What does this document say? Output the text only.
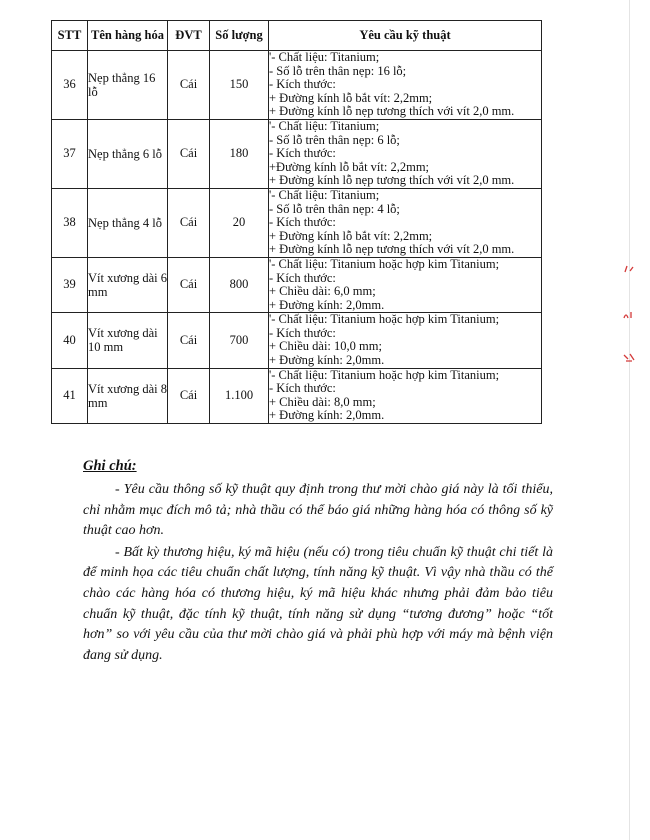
STT	Tên hàng hóa	ĐVT	Số lượng	Yêu cầu kỹ thuật
36	Nẹp thẳng 16 lỗ	Cái	150	'- Chất liệu: Titanium;
- Số lỗ trên thân nẹp: 16 lỗ;
- Kích thước:
+ Đường kính lỗ bắt vít: 2,2mm;
+ Đường kính lỗ nẹp tương thích với vít 2,0 mm.

37	Nẹp thẳng 6 lỗ	Cái	180	'- Chất liệu: Titanium;
- Số lỗ trên thân nẹp: 6 lỗ;
- Kích thước:
+Đường kính lỗ bắt vít: 2,2mm;
+ Đường kính lỗ nẹp tương thích với vít 2,0 mm.

38	Nẹp thẳng 4 lỗ	Cái	20	'- Chất liệu: Titanium;
- Số lỗ trên thân nẹp: 4 lỗ;
- Kích thước:
+ Đường kính lỗ bắt vít: 2,2mm;
+ Đường kính lỗ nẹp tương thích với vít 2,0 mm.

39	Vít xương dài 6 mm	Cái	800	'- Chất liệu: Titanium hoặc hợp kim Titanium;
- Kích thước:
+ Chiều dài: 6,0 mm;
+ Đường kính: 2,0mm.

40	Vít xương dài 10 mm	Cái	700	'- Chất liệu: Titanium hoặc hợp kim Titanium;
- Kích thước:
+ Chiều dài: 10,0 mm;
+ Đường kính: 2,0mm.

41	Vít xương dài 8 mm	Cái	1.100	'- Chất liệu: Titanium hoặc hợp kim Titanium;
- Kích thước:
+ Chiều dài: 8,0 mm;
+ Đường kính: 2,0mm.
Ghi chú:

- Yêu cầu thông số kỹ thuật quy định trong thư mời chào giá này là tối thiểu, chỉ nhằm mục đích mô tả; nhà thầu có thể báo giá những hàng hóa có thông số kỹ thuật cao hơn.

- Bất kỳ thương hiệu, ký mã hiệu (nếu có) trong tiêu chuẩn kỹ thuật chi tiết là để minh họa các tiêu chuẩn chất lượng, tính năng kỹ thuật. Vì vậy nhà thầu có thể chào các hàng hóa có thương hiệu, ký mã hiệu khác nhưng phải đảm bảo tiêu chuẩn kỹ thuật, đặc tính kỹ thuật, tính năng sử dụng “tương đương” hoặc “tốt hơn” so với yêu cầu của thư mời chào giá và phải phù hợp với máy mà bệnh viện đang sử dụng.
